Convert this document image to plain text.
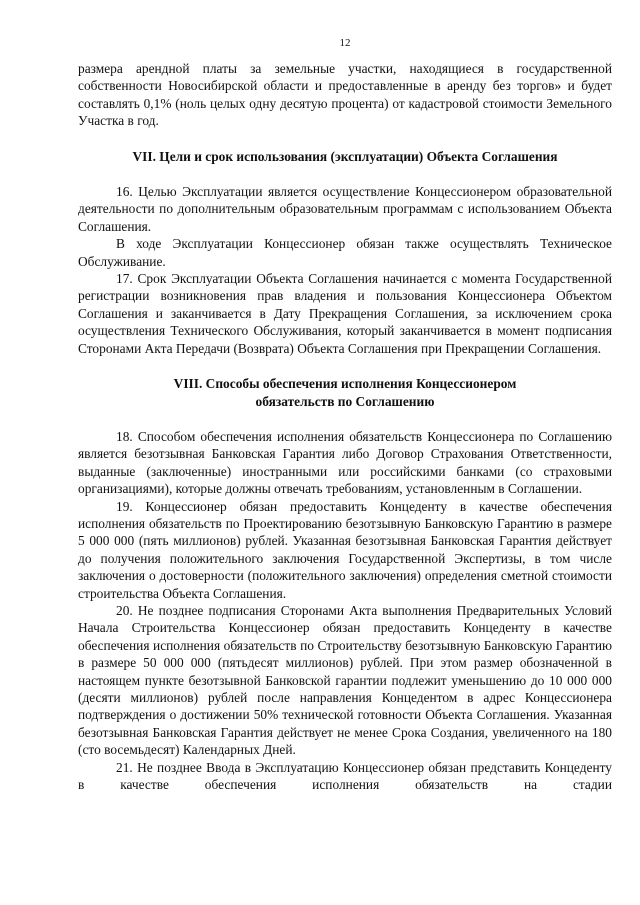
12

размера арендной платы за земельные участки, находящиеся в государственной собственности Новосибирской области и предоставленные в аренду без торгов» и будет составлять 0,1% (ноль целых одну десятую процента) от кадастровой стоимости Земельного Участка в год.

VII. Цели и срок использования (эксплуатации) Объекта Соглашения

16. Целью Эксплуатации является осуществление Концессионером образовательной деятельности по дополнительным образовательным программам с использованием Объекта Соглашения.

В ходе Эксплуатации Концессионер обязан также осуществлять Техническое Обслуживание.

17. Срок Эксплуатации Объекта Соглашения начинается с момента Государственной регистрации возникновения прав владения и пользования Концессионера Объектом Соглашения и заканчивается в Дату Прекращения Соглашения, за исключением срока осуществления Технического Обслуживания, который заканчивается в момент подписания Сторонами Акта Передачи (Возврата) Объекта Соглашения при Прекращении Соглашения.

VIII. Способы обеспечения исполнения Концессионером
обязательств по Соглашению

18. Способом обеспечения исполнения обязательств Концессионера по Соглашению является безотзывная Банковская Гарантия либо Договор Страхования Ответственности, выданные (заключенные) иностранными или российскими банками (со страховыми организациями), которые должны отвечать требованиям, установленным в Соглашении.

19. Концессионер обязан предоставить Концеденту в качестве обеспечения исполнения обязательств по Проектированию безотзывную Банковскую Гарантию в размере 5 000 000 (пять миллионов) рублей. Указанная безотзывная Банковская Гарантия действует до получения положительного заключения Государственной Экспертизы, в том числе заключения о достоверности (положительного заключения) определения сметной стоимости строительства Объекта Соглашения.

20. Не позднее подписания Сторонами Акта выполнения Предварительных Условий Начала Строительства Концессионер обязан предоставить Концеденту в качестве обеспечения исполнения обязательств по Строительству безотзывную Банковскую Гарантию в размере 50 000 000 (пятьдесят миллионов) рублей. При этом размер обозначенной в настоящем пункте безотзывной Банковской гарантии подлежит уменьшению до 10 000 000 (десяти миллионов) рублей после направления Концедентом в адрес Концессионера подтверждения о достижении 50% технической готовности Объекта Соглашения. Указанная безотзывная Банковская Гарантия действует не менее Срока Создания, увеличенного на 180 (сто восемьдесят) Календарных Дней.

21. Не позднее Ввода в Эксплуатацию Концессионер обязан представить Концеденту в качестве обеспечения исполнения обязательств на стадии
